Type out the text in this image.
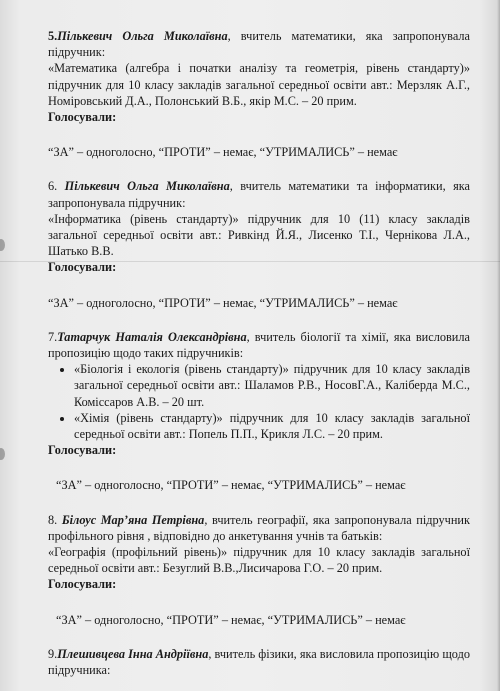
5.Пількевич Ольга Миколаївна, вчитель математики, яка запропонувала підручник:

«Математика (алгебра і початки аналізу та геометрія, рівень стандарту)» підручник для 10 класу закладів загальної середньої освіти авт.: Мерзляк А.Г., Номіровський Д.А., Полонський В.Б., якір М.С. – 20 прим.

Голосували:

“ЗА” – одноголосно, “ПРОТИ” – немає, “УТРИМАЛИСЬ” – немає

6. Пількевич Ольга Миколаївна, вчитель математики та інформатики, яка запропонувала підручник:

«Інформатика (рівень стандарту)» підручник для 10 (11) класу закладів загальної середньої освіти авт.: Ривкінд Й.Я., Лисенко Т.І., Чернікова Л.А., Шатько В.В.

Голосували:

“ЗА” – одноголосно, “ПРОТИ” – немає, “УТРИМАЛИСЬ” – немає

7.Татарчук Наталія Олександрівна, вчитель біології та хімії, яка висловила пропозицію щодо таких підручників:

• «Біологія і екологія (рівень стандарту)» підручник для 10 класу закладів загальної середньої освіти авт.: Шаламов Р.В., НосовГ.А., Каліберда М.С., Комісcаров А.В. – 20 шт.
• «Хімія (рівень стандарту)» підручник для 10 класу закладів загальної середньої освіти авт.: Попель П.П., Крикля Л.С. – 20 прим.

Голосували:

“ЗА” – одноголосно, “ПРОТИ” – немає, “УТРИМАЛИСЬ” – немає

8. Білоус Мар’яна Петрівна, вчитель географії, яка запропонувала підручник профільного рівня , відповідно до анкетування учнів та батьків:

«Географія (профільний рівень)» підручник для 10 класу закладів загальної середньої освіти авт.: Безуглий В.В.,Лисичарова Г.О. – 20 прим.

Голосували:

“ЗА” – одноголосно, “ПРОТИ” – немає, “УТРИМАЛИСЬ” – немає

9.Плешивцева Інна Андріївна, вчитель фізики, яка висловила пропозицію щодо підручника:
